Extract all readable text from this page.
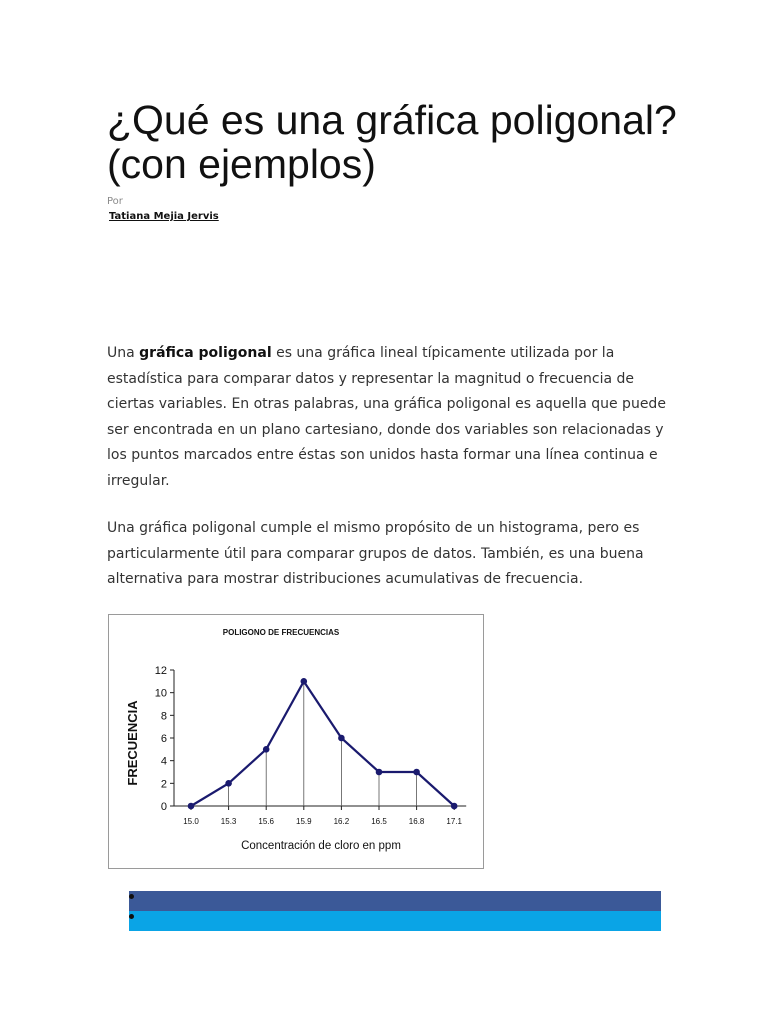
¿Qué es una gráfica poligonal? (con ejemplos)
Por
Tatiana Mejia Jervis

Una gráfica poligonal es una gráfica lineal típicamente utilizada por la estadística para comparar datos y representar la magnitud o frecuencia de ciertas variables. En otras palabras, una gráfica poligonal es aquella que puede ser encontrada en un plano cartesiano, donde dos variables son relacionadas y los puntos marcados entre éstas son unidos hasta formar una línea continua e irregular.

Una gráfica poligonal cumple el mismo propósito de un histograma, pero es particularmente útil para comparar grupos de datos. También, es una buena alternativa para mostrar distribuciones acumulativas de frecuencia.

POLIGONO DE FRECUENCIAS
FRECUENCIA
Concentración de cloro en ppm
0
2
4
6
8
10
12
15.0	15.3	15.6	15.9	16.2	16.5	16.8	17.1
